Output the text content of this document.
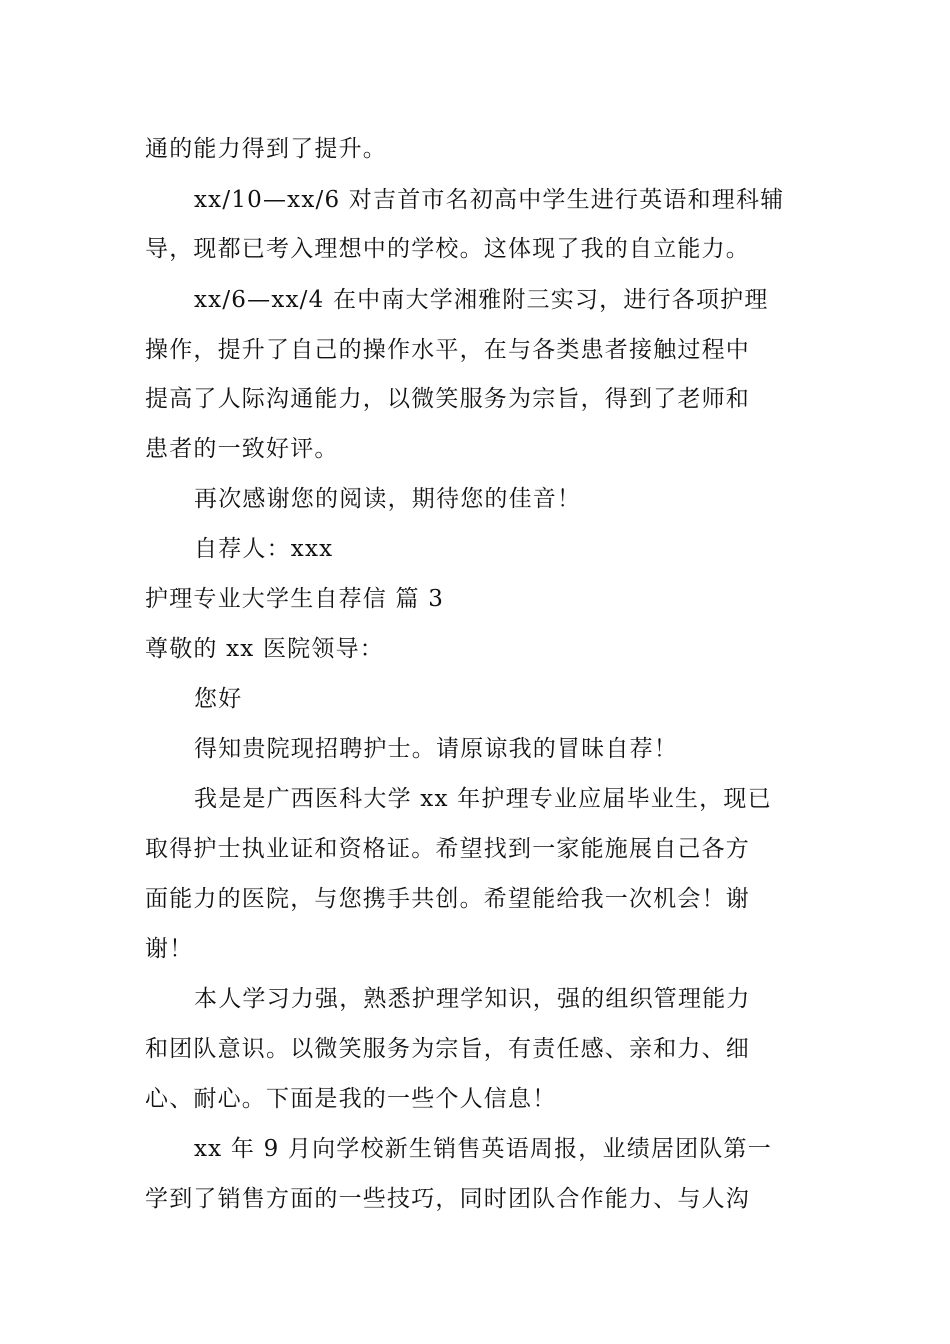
通的能力得到了提升。
xx/10—xx/6 对吉首市名初高中学生进行英语和理科辅
导，现都已考入理想中的学校。这体现了我的自立能力。
xx/6—xx/4 在中南大学湘雅附三实习，进行各项护理
操作，提升了自己的操作水平，在与各类患者接触过程中
提高了人际沟通能力，以微笑服务为宗旨，得到了老师和
患者的一致好评。
再次感谢您的阅读，期待您的佳音！
自荐人：xxx
护理专业大学生自荐信 篇 3
尊敬的 xx 医院领导：
您好
得知贵院现招聘护士。请原谅我的冒昧自荐！
我是是广西医科大学 xx 年护理专业应届毕业生，现已
取得护士执业证和资格证。希望找到一家能施展自己各方
面能力的医院，与您携手共创。希望能给我一次机会！谢
谢！
本人学习力强，熟悉护理学知识，强的组织管理能力
和团队意识。以微笑服务为宗旨，有责任感、亲和力、细
心、耐心。下面是我的一些个人信息！
xx 年 9 月向学校新生销售英语周报，业绩居团队第一
学到了销售方面的一些技巧，同时团队合作能力、与人沟
